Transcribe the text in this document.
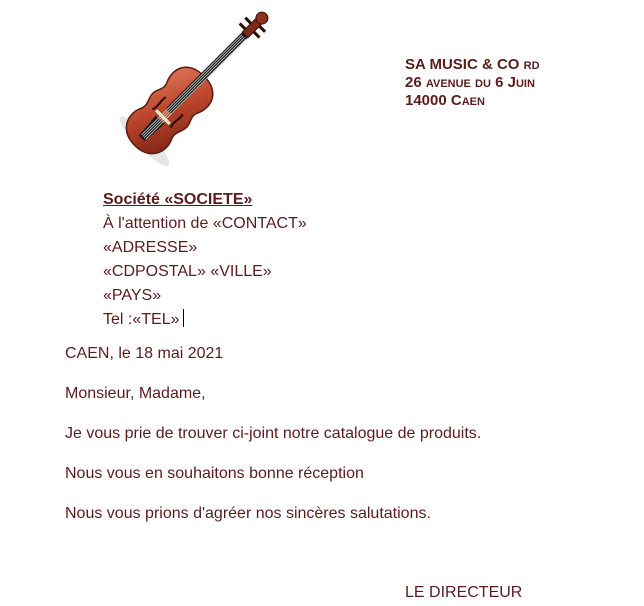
SA MUSIC & CO rd
26 avenue du 6 Juin
14000 Caen
Société «SOCIETE»
À l'attention de «CONTACT»
«ADRESSE»
«CDPOSTAL» «VILLE»
«PAYS»
Tel :«TEL»
CAEN, le 18 mai 2021
Monsieur, Madame,
Je vous prie de trouver ci-joint notre catalogue de produits.
Nous vous en souhaitons bonne réception
Nous vous prions d'agréer nos sincères salutations.
LE DIRECTEUR
